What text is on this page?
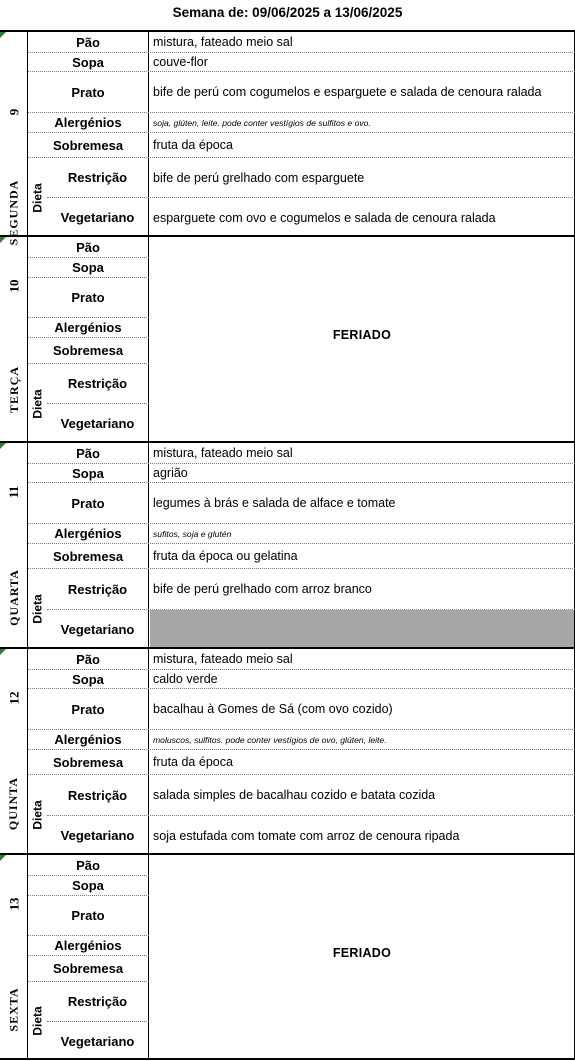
Semana de: 09/06/2025 a 13/06/2025
9
SEGUNDA Dieta
Pão	mistura, fateado meio sal
Sopa	couve-flor
Prato	bife de perú com cogumelos e esparguete e salada de cenoura ralada
Alergénios	soja, glúten, leite. pode conter vestígios de sulfitos e ovo.
Sobremesa	fruta da época
Restrição	bife de perú grelhado com esparguete
Vegetariano	esparguete com ovo e cogumelos e salada de cenoura ralada
10
TERÇA Dieta
Pão
Sopa
Prato
Alergénios
Sobremesa
Restrição
Vegetariano
FERIADO
11
QUARTA Dieta
Pão	mistura, fateado meio sal
Sopa	agrião
Prato	legumes à brás e salada de alface e tomate
Alergénios	sufitos, soja e glutén
Sobremesa	fruta da época ou gelatina
Restrição	bife de perú grelhado com arroz branco
Vegetariano
12
QUINTA Dieta
Pão	mistura, fateado meio sal
Sopa	caldo verde
Prato	bacalhau à Gomes de Sá (com ovo cozido)
Alergénios	moluscos, sulfitos. pode conter vestígios de ovo, glúten, leite.
Sobremesa	fruta da época
Restrição	salada simples de bacalhau cozido e batata cozida
Vegetariano	soja estufada com tomate com arroz de cenoura ripada
13
SEXTA Dieta
Pão
Sopa
Prato
Alergénios
Sobremesa
Restrição
Vegetariano
FERIADO
